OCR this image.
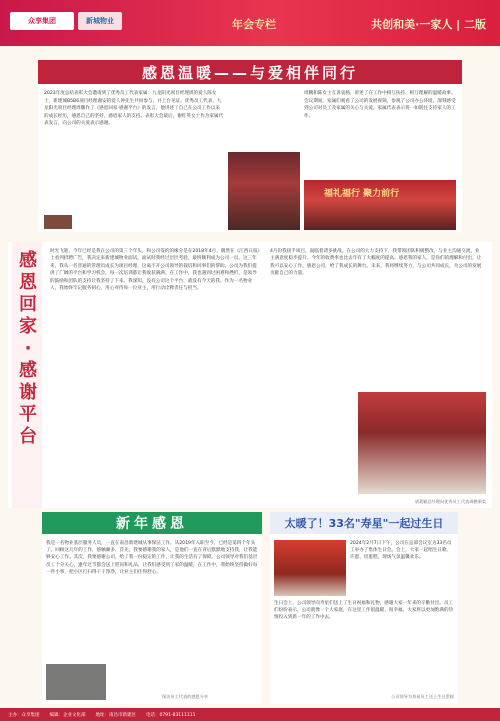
众享集团	新城物业	年会专栏	共创和美·一家人 | 二版
感恩温暖——与爱相伴同行
2023年度总结表彰大会邀请到了优秀员工代表家属：九龙阳光项目经理周的爱人陈女士，新建城B5B6项目经理谢安的爱人钟先生共同参与，并上台见证。优秀员工代表、九龙阳光项目经理周鹏作了《感恩回家·感谢平台》的发言，他讲述了自己在公司工作以来的成长经历，感恩自己的坚持，感恩家人的支持。表彰大会最后，谢红英女士作为家属代表发言，向公司的关爱表示感谢。
周鹏和陈女士互诉衷肠，讲述了在工作中相互扶持、相互理解的温暖故事。会议期间，家属们观看了公司的发展视频，参观了公司办公环境，深刻感受到公司对员工及家属的关心与关爱。家属代表表示将一如既往支持家人的工作。
福礼福行 聚力前行
感恩回家·感谢平台
时光飞逝，今年已经是我在公司的第三个年头。和公司签约的缘分是在2018年4月，偶然在《江西日报》上看到招聘广告，我决定来新建城物业面试。面试时我经过层层考验，最终顺利成为公司一员。这三年来，我从一名普通的管理员成长为项目经理，这离不开公司领导的栽培和同事们的帮助。公司为我们提供了广阔的平台和学习机会，每一次培训都让我收获满满。在工作中，我也遇到过困难和挫折，是领导的鼓励和团队的支持让我坚持了下来。我深知，没有公司这个平台，就没有今天的我。作为一名物业人，我始终牢记服务初心，用心对待每一位业主，用行动诠释责任与担当。
4月份我接手项目，面临着诸多挑战。在公司的大力支持下，我带领团队积极整改，与业主沟通交流，业主满意度稳步提升。今年的收费率也比去年有了大幅度的提高。感恩我的家人，是你们的理解和付出，让我可以安心工作。感恩公司，给了我成长的舞台。未来，我将继续努力，与公司共同成长，为公司的发展贡献自己的力量。
诸葛颖总经理向优秀员工代表周鹏颁奖
新年感恩
我是一名物业基层服务人员，一直在南昌新建城从事保洁工作。从2019年入职至今，已经是第四个年头了。回顾这几年的工作，感触颇多。首先，我要感谢我的家人，是他们一直在背后默默地支持我，让我能够安心工作。其次，我要感谢公司，给了我一份稳定的工作，让我的生活有了保障。公司领导对我们基层员工十分关心，逢年过节都会送上慰问和礼品，让我们感受到了家的温暖。在工作中，我始终坚持做好每一件小事，把小区打扫得干干净净，让业主们住得舒心。
保洁员工代表的感恩分享
太暖了！33名"寿星"一起过生日
2024年2月7日下午，公司在总部会议室为33名员工举办了集体生日会。会上，大家一起唱生日歌、许愿、切蛋糕，现场气氛温馨欢乐。
生日会上，公司领导向寿星们送上了生日祝福和礼物，感谢大家一年来的辛勤付出。员工们纷纷表示，公司就像一个大家庭，在这里工作很温暖、很幸福。大家将以更加饱满的热情投入到新一年的工作中去。
公司领导为寿星员工送上生日蛋糕
主办：众享集团 编辑：企业文化部 地址：南昌市新建区 电话：0791-83111111
